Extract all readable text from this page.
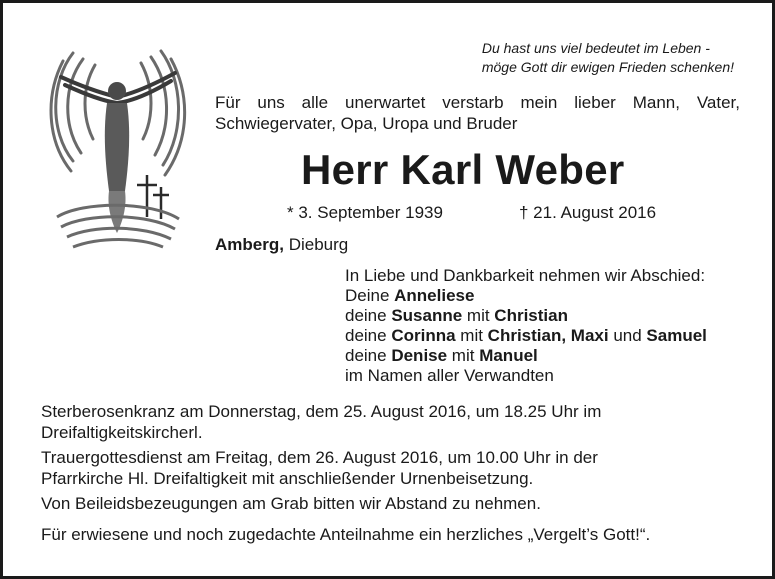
Du hast uns viel bedeutet im Leben -
möge Gott dir ewigen Frieden schenken!
Für uns alle unerwartet verstarb mein lieber Mann, Vater,
Schwiegervater, Opa, Uropa und Bruder
Herr Karl Weber
* 3. September 1939	† 21. August 2016
Amberg, Dieburg
In Liebe und Dankbarkeit nehmen wir Abschied:
Deine Anneliese
deine Susanne mit Christian
deine Corinna mit Christian, Maxi und Samuel
deine Denise mit Manuel
im Namen aller Verwandten
Sterberosenkranz am Donnerstag, dem 25. August 2016, um 18.25 Uhr im
Dreifaltigkeitskircherl.
Trauergottesdienst am Freitag, dem 26. August 2016, um 10.00 Uhr in der
Pfarrkirche Hl. Dreifaltigkeit mit anschließender Urnenbeisetzung.
Von Beileidsbezeugungen am Grab bitten wir Abstand zu nehmen.
Für erwiesene und noch zugedachte Anteilnahme ein herzliches „Vergelt’s Gott!“.
